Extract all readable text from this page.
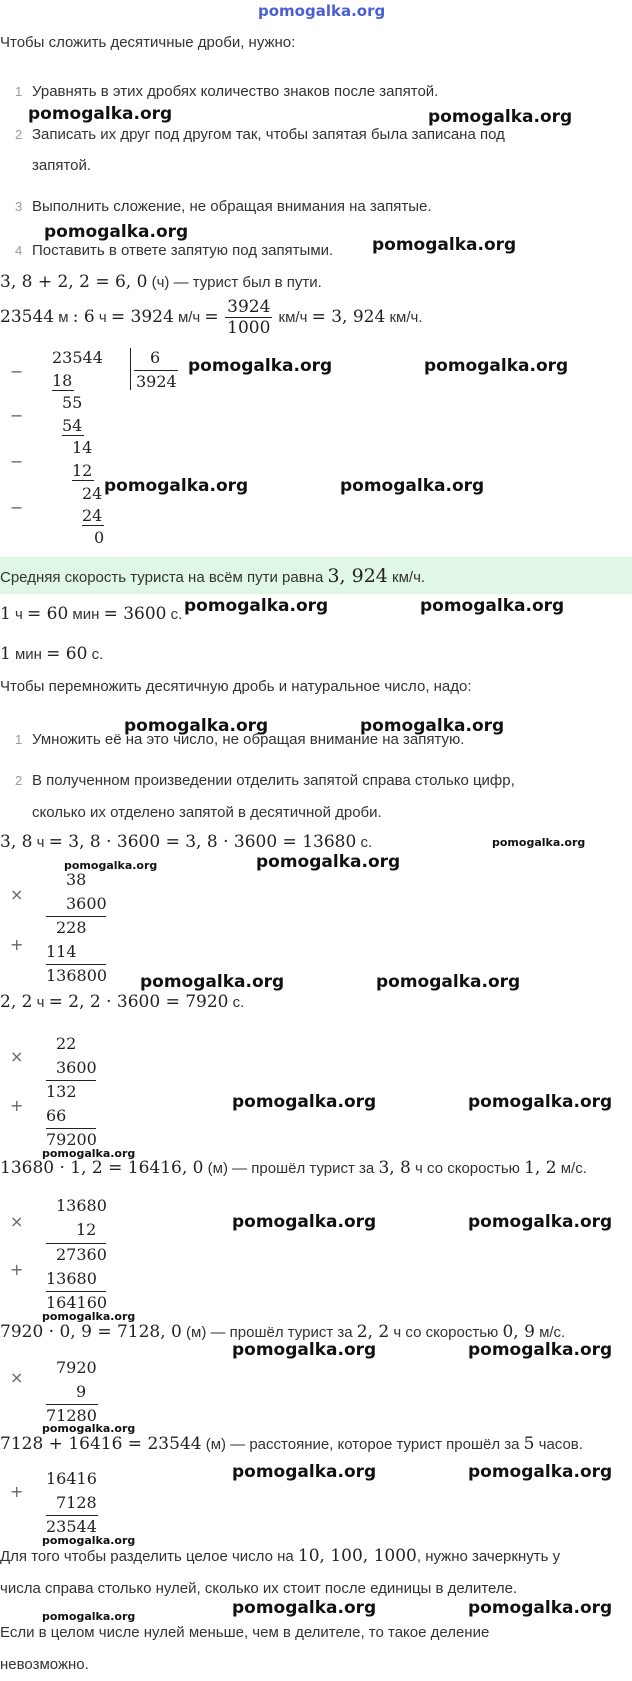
pomogalka.org
Чтобы сложить десятичные дроби, нужно:
1 Уравнять в этих дробях количество знаков после запятой.
2 Записать их друг под другом так, чтобы запятая была записана под
запятой.
3 Выполнить сложение, не обращая внимания на запятые.
4 Поставить в ответе запятую под запятыми.
3, 8 + 2, 2 = 6, 0 (ч) — турист был в пути.
23544 м : 6 ч = 3924 $м/ч = \frac{3924}{1000} км/ч = 3$, 924 км/ч.
23544	6
3924
− 18
55
−
54
14
−	12
24
−	24
0
Средняя скорость туриста на всём пути равна 3, 924 км/ч.
1 ч = 60 мин = 3600 с.
1 мин = 60 с.
Чтобы перемножить десятичную дробь и натуральное число, надо:
1 Умножить её на это число, не обращая внимание на запятую.
2 В полученном произведении отделить запятой справа столько цифр,
сколько их отделено запятой в десятичной дроби.
3, 8 ч = 3, 8 · 3600 = 3, 8 · 3600 = 13680 с.
×
38
3600
228
+ 114
136800
2, 2 ч = 2, 2 · 3600 = 7920 с.
×
22
3600
132
+
66
79200
13680 · 1, 2 = 16416, 0 (м) — прошёл турист за 3, 8 ч со скоростью 1, 2 м/с.
×
13680
12
27360
+ 13680
164160
7920 · 0, 9 = 7128, 0 (м) — прошёл турист за 2, 2 ч со скоростью 0, 9 м/с.
×
7920
9
71280
7128 + 16416 = 23544 (м) — расстояние, которое турист прошёл за 5 часов.
+
16416
7128
23544
Для того чтобы разделить целое число на 10, 100, 1000, нужно зачеркнуть у
числа справа столько нулей, сколько их стоит после единицы в делителе.
Если в целом числе нулей меньше, чем в делителе, то такое деление
невозможно.
pomogalka.org	pomogalka.org
pomogalka.org
pomogalka.org
pomogalka.org	pomogalka.org
pomogalka.org	pomogalka.org
pomogalka.org	pomogalka.org
pomogalka.org	pomogalka.org
pomogalka.org
pomogalka.org
pomogalka.org
pomogalka.org	pomogalka.org
pomogalka.org	pomogalka.org
pomogalka.org
pomogalka.org	pomogalka.org
pomogalka.org
pomogalka.org	pomogalka.org
pomogalka.org
pomogalka.org	pomogalka.org
pomogalka.org
pomogalka.org	pomogalka.org
pomogalka.org
